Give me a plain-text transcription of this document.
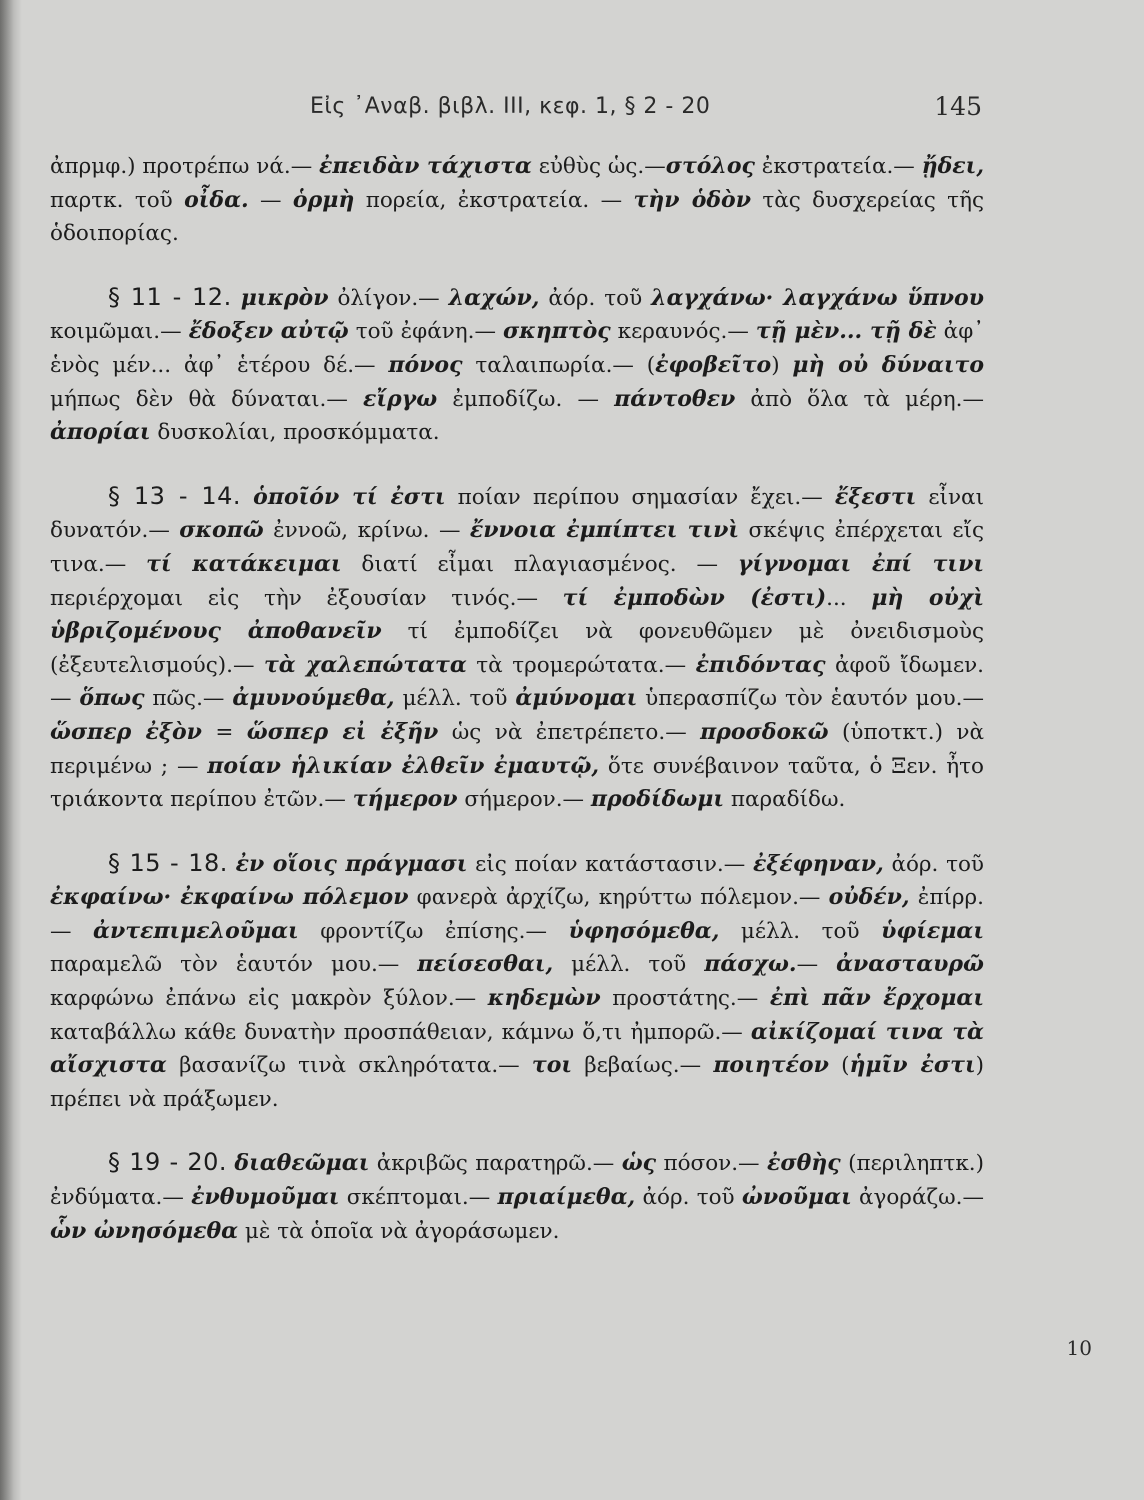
Εἰς ᾿Αναβ. βιβλ. ΙΙΙ, κεφ. 1, § 2 - 20	145

ἀπρμφ.) προτρέπω νά.— ἐπειδὰν τάχιστα εὐθὺς ὡς.—στόλος ἐκστρατεία.— ᾔδει, παρτκ. τοῦ οἶδα. — ὁρμὴ πορεία, ἐκστρατεία. — τὴν ὁδὸν τὰς δυσχερείας τῆς ὁδοιπορίας.

§ 11 - 12. μικρὸν ὀλίγον.— λαχών, ἀόρ. τοῦ λαγχάνω· λαγχάνω ὕπνου κοιμῶμαι.— ἔδοξεν αὐτῷ τοῦ ἐφάνη.— σκηπτὸς κεραυνός.— τῇ μὲν... τῇ δὲ ἀφ᾿ ἑνὸς μέν... ἀφ᾿ ἑτέρου δέ.— πόνος ταλαιπωρία.— (ἐφοβεῖτο) μὴ οὐ δύναιτο μήπως δὲν θὰ δύναται.— εἴργω ἐμποδίζω. — πάντοθεν ἀπὸ ὅλα τὰ μέρη.— ἀπορίαι δυσκολίαι, προσκόμματα.

§ 13 - 14. ὁποῖόν τί ἐστι ποίαν περίπου σημασίαν ἔχει.— ἔξεστι εἶναι δυνατόν.— σκοπῶ ἐννοῶ, κρίνω. — ἔννοια ἐμπίπτει τινὶ σκέψις ἐπέρχεται εἴς τινα.— τί κατάκειμαι διατί εἶμαι πλαγιασμένος. — γίγνομαι ἐπί τινι περιέρχομαι εἰς τὴν ἐξουσίαν τινός.— τί ἐμποδὼν (ἐστι)... μὴ οὐχὶ ὑβριζομένους ἀποθανεῖν τί ἐμποδίζει νὰ φονευθῶμεν μὲ ὀνειδισμοὺς (ἐξευτελισμούς).— τὰ χαλεπώτατα τὰ τρομερώτατα.— ἐπιδόντας ἀφοῦ ἴδωμεν.— ὅπως πῶς.— ἀμυνούμεθα, μέλλ. τοῦ ἀμύνομαι ὑπερασπίζω τὸν ἑαυτόν μου.— ὥσπερ ἐξὸν = ὥσπερ εἰ ἐξῆν ὡς νὰ ἐπετρέπετο.— προσδοκῶ (ὑποτκτ.) νὰ περιμένω ; — ποίαν ἡλικίαν ἐλθεῖν ἐμαυτῷ, ὅτε συνέβαινον ταῦτα, ὁ Ξεν. ἦτο τριάκοντα περίπου ἐτῶν.— τήμερον σήμερον.— προδίδωμι παραδίδω.

§ 15 - 18. ἐν οἵοις πράγμασι εἰς ποίαν κατάστασιν.— ἐξέφηναν, ἀόρ. τοῦ ἐκφαίνω· ἐκφαίνω πόλεμον φανερὰ ἀρχίζω, κηρύττω πόλεμον.— οὐδέν, ἐπίρρ.— ἀντεπιμελοῦμαι φροντίζω ἐπίσης.— ὑφησόμεθα, μέλλ. τοῦ ὑφίεμαι παραμελῶ τὸν ἑαυτόν μου.— πείσεσθαι, μέλλ. τοῦ πάσχω.— ἀνασταυρῶ καρφώνω ἐπάνω εἰς μακρὸν ξύλον.— κηδεμὼν προστάτης.— ἐπὶ πᾶν ἔρχομαι καταβάλλω κάθε δυνατὴν προσπάθειαν, κάμνω ὅ,τι ἠμπορῶ.— αἰκίζομαί τινα τὰ αἴσχιστα βασανίζω τινὰ σκληρότατα.— τοι βεβαίως.— ποιητέον (ἡμῖν ἐστι) πρέπει νὰ πράξωμεν.

§ 19 - 20. διαθεῶμαι ἀκριβῶς παρατηρῶ.— ὡς πόσον.— ἐσθὴς (περιληπτκ.) ἐνδύματα.— ἐνθυμοῦμαι σκέπτομαι.— πριαίμεθα, ἀόρ. τοῦ ὠνοῦμαι ἀγοράζω.— ὧν ὠνησόμεθα μὲ τὰ ὁποῖα νὰ ἀγοράσωμεν.

10
